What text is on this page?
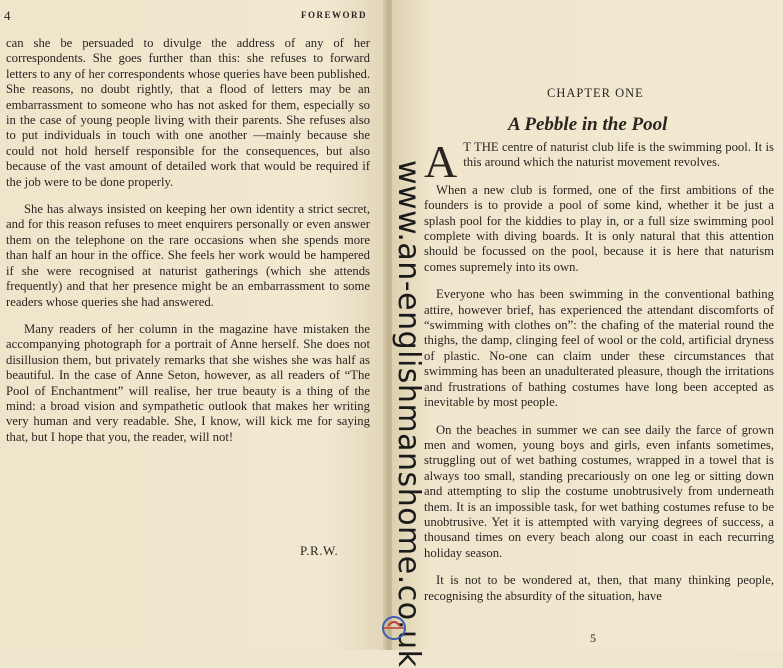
4	FOREWORD

can she be persuaded to divulge the address of any of her correspondents. She goes further than this: she refuses to forward letters to any of her correspondents whose queries have been published. She reasons, no doubt rightly, that a flood of letters may be an embarrassment to someone who has not asked for them, especially so in the case of young people living with their parents. She refuses also to put individuals in touch with one another —mainly because she could not hold herself responsible for the consequences, but also because of the vast amount of detailed work that would be required if the job were to be done properly.

She has always insisted on keeping her own identity a strict secret, and for this reason refuses to meet enquirers personally or even answer them on the telephone on the rare occasions when she spends more than half an hour in the office. She feels her work would be hampered if she were recognised at naturist gatherings (which she attends frequently) and that her presence might be an embarrassment to some readers whose queries she had answered.

Many readers of her column in the magazine have mistaken the accompanying photograph for a portrait of Anne herself. She does not disillusion them, but privately remarks that she wishes she was half as beautiful. In the case of Anne Seton, however, as all readers of “The Pool of Enchantment” will realise, her true beauty is a thing of the mind: a broad vision and sympathetic outlook that makes her writing very human and very readable. She, I know, will kick me for saying that, but I hope that you, the reader, will not!

P.R.W.
CHAPTER ONE
A Pebble in the Pool

A T THE centre of naturist club life is the swimming pool. It is this around which the naturist movement revolves.

When a new club is formed, one of the first ambitions of the founders is to provide a pool of some kind, whether it be just a splash pool for the kiddies to play in, or a full size swimming pool complete with diving boards. It is only natural that this attention should be focussed on the pool, because it is here that naturism comes supremely into its own.

Everyone who has been swimming in the conventional bathing attire, however brief, has experienced the attendant discomforts of “swimming with clothes on”: the chafing of the material round the thighs, the damp, clinging feel of wool or the cold, artificial dryness of plastic. No-one can claim under these circumstances that swimming has been an unadulterated pleasure, though the irritations and frustrations of bathing costumes have long been accepted as inevitable by most people.

On the beaches in summer we can see daily the farce of grown men and women, young boys and girls, even infants sometimes, struggling out of wet bathing costumes, wrapped in a towel that is always too small, standing precariously on one leg or sitting down and attempting to slip the costume unobtrusively from underneath them. It is an impossible task, for wet bathing costumes refuse to be unobtrusive. Yet it is attempted with varying degrees of success, a thousand times on every beach along our coast in each recurring holiday season.

It is not to be wondered at, then, that many thinking people, recognising the absurdity of the situation, have

5
www.an-englishmanshome.co.uk
